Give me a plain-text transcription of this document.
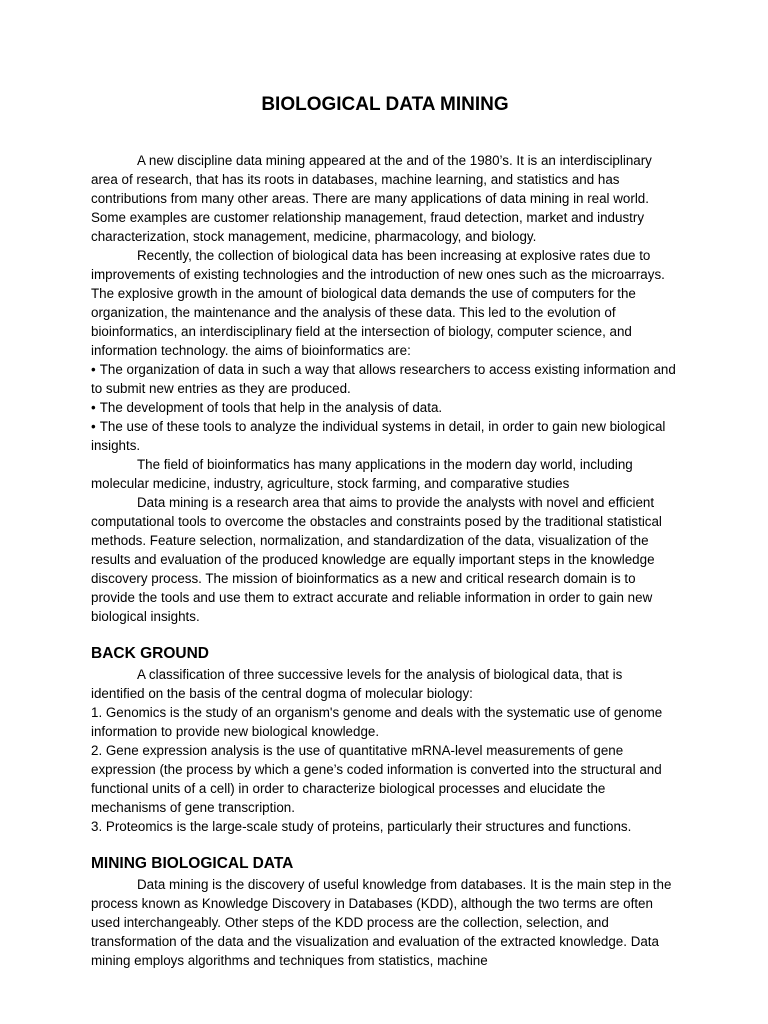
BIOLOGICAL DATA MINING

A new discipline data mining appeared at the and of the 1980’s. It is an interdisciplinary area of research, that has its roots in databases, machine learning, and statistics and has contributions from many other areas. There are many applications of data mining in real world. Some examples are customer relationship management, fraud detection, market and industry characterization, stock management, medicine, pharmacology, and biology.

Recently, the collection of biological data has been increasing at explosive rates due to improvements of existing technologies and the introduction of new ones such as the microarrays. The explosive growth in the amount of biological data demands the use of computers for the organization, the maintenance and the analysis of these data. This led to the evolution of bioinformatics, an interdisciplinary field at the intersection of biology, computer science, and information technology. the aims of bioinformatics are:

• The organization of data in such a way that allows researchers to access existing information and to submit new entries as they are produced.

• The development of tools that help in the analysis of data.

• The use of these tools to analyze the individual systems in detail, in order to gain new biological insights.

The field of bioinformatics has many applications in the modern day world, including molecular medicine, industry, agriculture, stock farming, and comparative studies

Data mining is a research area that aims to provide the analysts with novel and efficient computational tools to overcome the obstacles and constraints posed by the traditional statistical methods. Feature selection, normalization, and standardization of the data, visualization of the results and evaluation of the produced knowledge are equally important steps in the knowledge discovery process. The mission of bioinformatics as a new and critical research domain is to provide the tools and use them to extract accurate and reliable information in order to gain new biological insights.

BACK GROUND

A classification of three successive levels for the analysis of biological data, that is identified on the basis of the central dogma of molecular biology:

1. Genomics is the study of an organism's genome and deals with the systematic use of genome information to provide new biological knowledge.

2. Gene expression analysis is the use of quantitative mRNA-level measurements of gene expression (the process by which a gene’s coded information is converted into the structural and functional units of a cell) in order to characterize biological processes and elucidate the mechanisms of gene transcription.

3. Proteomics is the large-scale study of proteins, particularly their structures and functions.

MINING BIOLOGICAL DATA

Data mining is the discovery of useful knowledge from databases. It is the main step in the process known as Knowledge Discovery in Databases (KDD), although the two terms are often used interchangeably. Other steps of the KDD process are the collection, selection, and transformation of the data and the visualization and evaluation of the extracted knowledge. Data mining employs algorithms and techniques from statistics, machine
